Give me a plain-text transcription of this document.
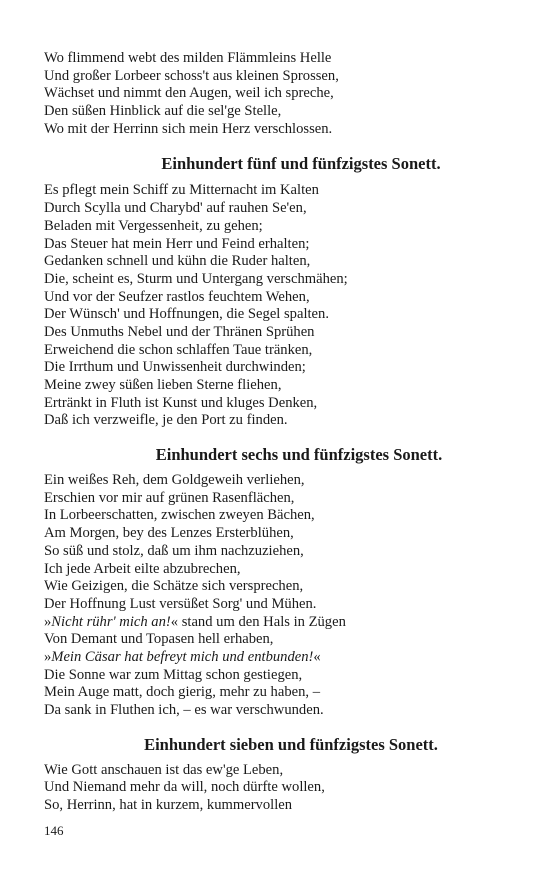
Wo flimmend webt des milden Flämmleins Helle
Und großer Lorbeer schoss't aus kleinen Sprossen,
Wächset und nimmt den Augen, weil ich spreche,
Den süßen Hinblick auf die sel'ge Stelle,
Wo mit der Herrinn sich mein Herz verschlossen.
Einhundert fünf und fünfzigstes Sonett.
Es pflegt mein Schiff zu Mitternacht im Kalten
Durch Scylla und Charybd' auf rauhen Se'en,
Beladen mit Vergessenheit, zu gehen;
Das Steuer hat mein Herr und Feind erhalten;
Gedanken schnell und kühn die Ruder halten,
Die, scheint es, Sturm und Untergang verschmähen;
Und vor der Seufzer rastlos feuchtem Wehen,
Der Wünsch' und Hoffnungen, die Segel spalten.
Des Unmuths Nebel und der Thränen Sprühen
Erweichend die schon schlaffen Taue tränken,
Die Irrthum und Unwissenheit durchwinden;
Meine zwey süßen lieben Sterne fliehen,
Ertränkt in Fluth ist Kunst und kluges Denken,
Daß ich verzweifle, je den Port zu finden.
Einhundert sechs und fünfzigstes Sonett.
Ein weißes Reh, dem Goldgeweih verliehen,
Erschien vor mir auf grünen Rasenflächen,
In Lorbeerschatten, zwischen zweyen Bächen,
Am Morgen, bey des Lenzes Ersterblühen,
So süß und stolz, daß um ihm nachzuziehen,
Ich jede Arbeit eilte abzubrechen,
Wie Geizigen, die Schätze sich versprechen,
Der Hoffnung Lust versüßet Sorg' und Mühen.
»Nicht rühr' mich an!« stand um den Hals in Zügen
Von Demant und Topasen hell erhaben,
»Mein Cäsar hat befreyt mich und entbunden!«
Die Sonne war zum Mittag schon gestiegen,
Mein Auge matt, doch gierig, mehr zu haben, –
Da sank in Fluthen ich, – es war verschwunden.
Einhundert sieben und fünfzigstes Sonett.
Wie Gott anschauen ist das ew'ge Leben,
Und Niemand mehr da will, noch dürfte wollen,
So, Herrinn, hat in kurzem, kummervollen
146
